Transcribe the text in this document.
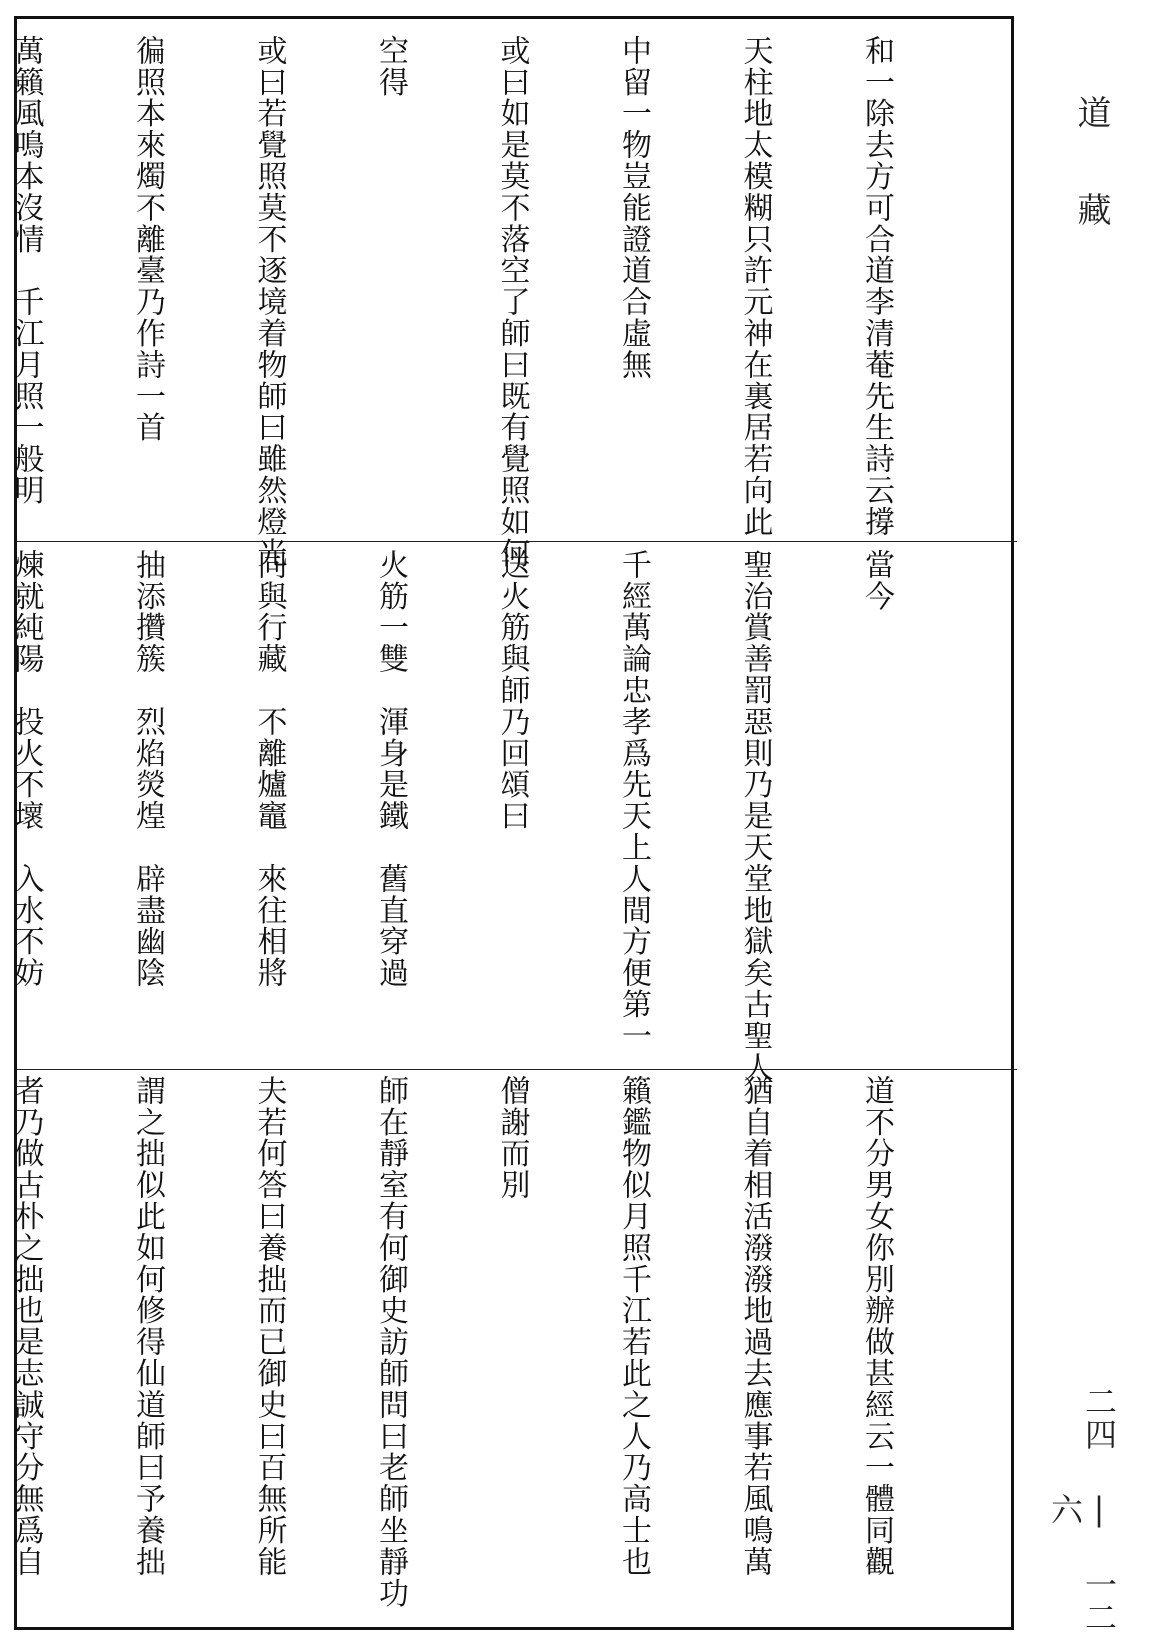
和一除去方可合道李清菴先生詩云撐

天柱地太模糊只許元神在裏居若向此

中留一物豈能證道合虛無

或曰如是莫不落空了師曰既有覺照如何

空得

或曰若覺照莫不逐境着物師曰雖然燈光

徧照本來燭不離臺乃作詩一首

萬籟風鳴本沒情　千江月照一般明

當今

聖治賞善罰惡則乃是天堂地獄矣古聖人

千經萬論忠孝爲先天上人間方便第一

送火筋與師乃回頌曰

火筋一雙　渾身是鐵　舊直穿過

同與行藏　不離爐竈　來往相將

抽添攢簇　烈焰熒煌　辟盡幽陰

煉就純陽　投火不壞　入水不妨

道不分男女你別辦做甚經云一體同觀

猶自着相活潑潑地過去應事若風鳴萬

籟鑑物似月照千江若此之人乃高士也

僧謝而別

師在靜室有何御史訪師問曰老師坐靜功

夫若何答曰養拙而已御史曰百無所能

謂之拙似此如何修得仙道師曰予養拙

者乃做古朴之拙也是志誠守分無爲自

道
藏
二四 | 一二六
